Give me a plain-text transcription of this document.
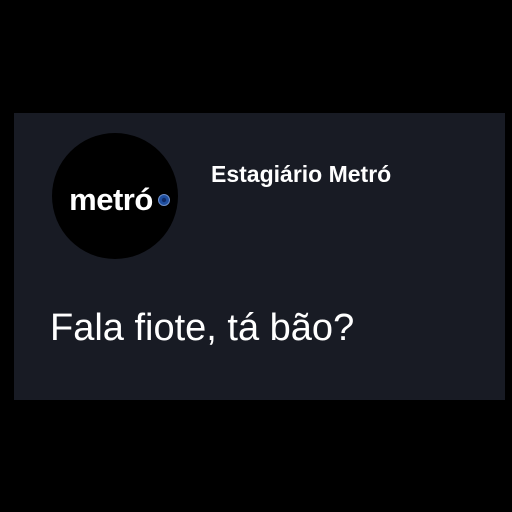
metró
Estagiário Metró
Fala fiote, tá bão?
